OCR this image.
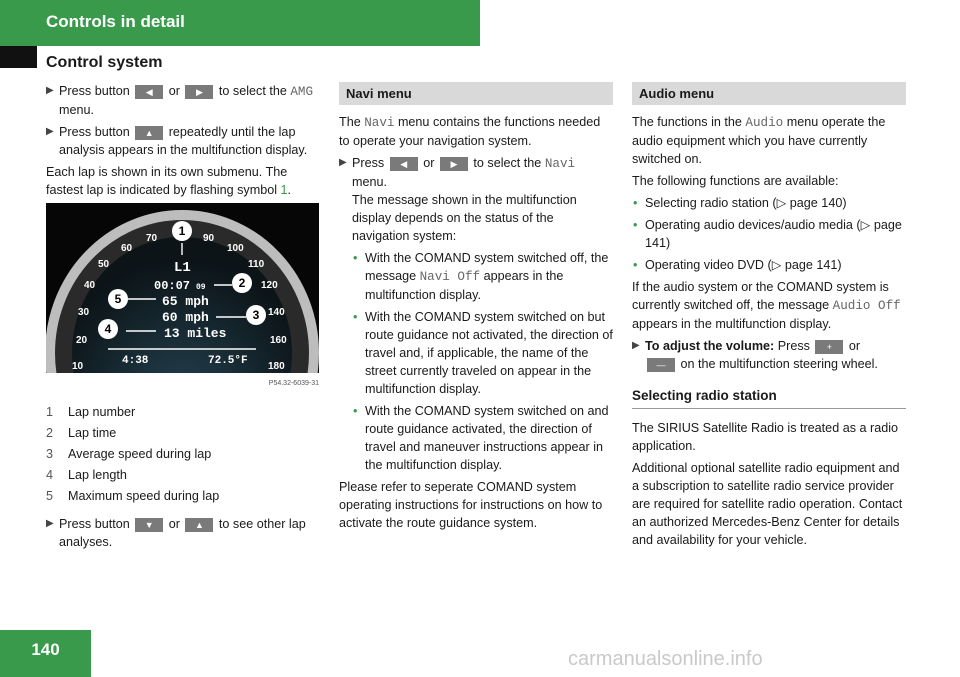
Controls in detail
Control system
▶ Press button ◀ or ▶ to select the AMG menu.
▶ Press button ▲ repeatedly until the lap analysis appears in the multifunction display.

Each lap is shown in its own submenu. The fastest lap is indicated by flashing symbol 1.

10
20
30
40
50
60
70	90
100
110
120
140
160
180
L1
00:07 09
65 mph
60 mph
13 miles
4:38	72.5°F
1
2
3
4
5
P54.32-6039-31
1	Lap number
2	Lap time
3	Average speed during lap
4	Lap length
5	Maximum speed during lap
▶ Press button ▼ or ▲ to see other lap analyses.
Navi menu

The Navi menu contains the functions needed to operate your navigation system.

▶ Press ◀ or ▶ to select the Navi
menu.
The message shown in the multifunction display depends on the status of the navigation system:
• With the COMAND system switched off, the message Navi Off appears in the multifunction display.
• With the COMAND system switched on but route guidance not activated, the direction of travel and, if applicable, the name of the street currently traveled on appear in the multifunction display.
• With the COMAND system switched on and route guidance activated, the direction of travel and maneuver instructions appear in the multifunction display.

Please refer to seperate COMAND system operating instructions for instructions on how to activate the route guidance system.

Audio menu

The functions in the Audio menu operate the audio equipment which you have currently switched on.

The following functions are available:

• Selecting radio station (▷ page 140)
• Operating audio devices/audio media (▷ page 141)
• Operating video DVD (▷ page 141)

If the audio system or the COMAND system is currently switched off, the message Audio Off appears in the multifunction display.

▶ To adjust the volume: Press + or
— on the multifunction steering wheel.
Selecting radio station

The SIRIUS Satellite Radio is treated as a radio application.

Additional optional satellite radio equipment and a subscription to satellite radio service provider are required for satellite radio operation. Contact an authorized Mercedes-Benz Center for details and availability for your vehicle.

140	carmanualsonline.info
